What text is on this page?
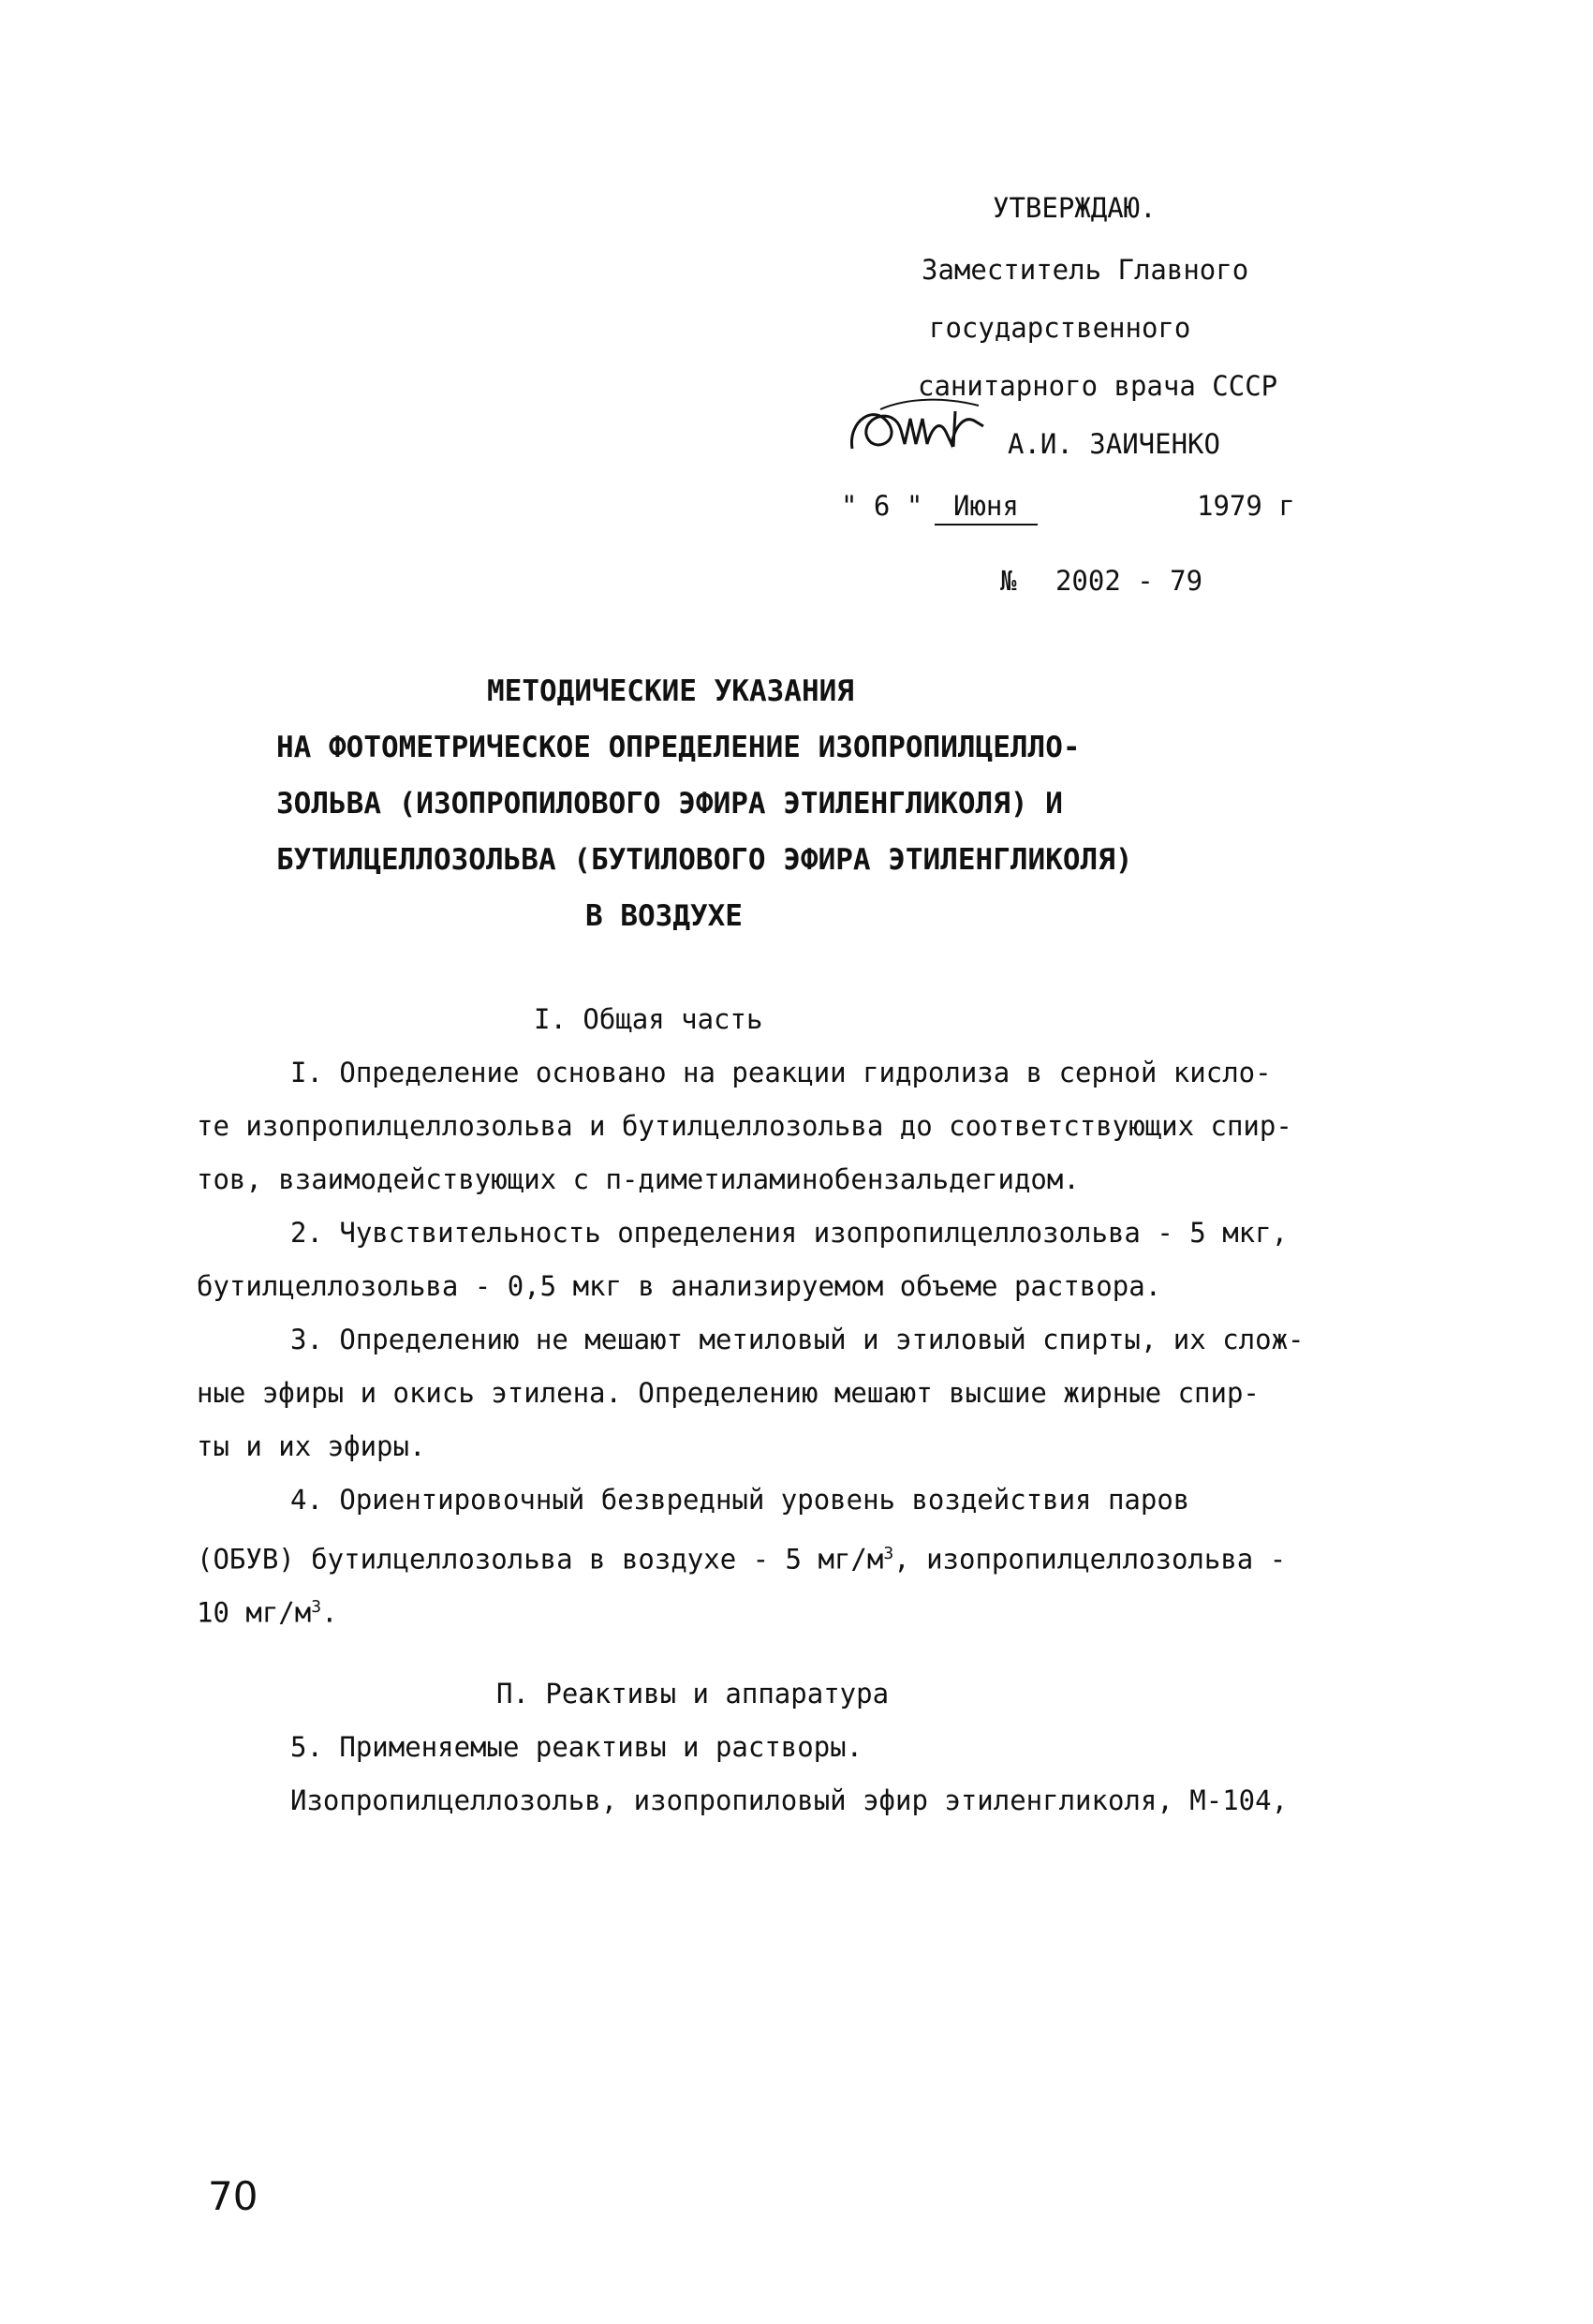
УТВЕРЖДАЮ.
Заместитель Главного
государственного
санитарного врача СССР
А.И. ЗАИЧЕНКО
" 6 "	Июня	1979 г
№ 2002 - 79
МЕТОДИЧЕСКИЕ УКАЗАНИЯ
НА ФОТОМЕТРИЧЕСКОЕ ОПРЕДЕЛЕНИЕ ИЗОПРОПИЛЦЕЛЛО-
ЗОЛЬВА (ИЗОПРОПИЛОВОГО ЭФИРА ЭТИЛЕНГЛИКОЛЯ) И
БУТИЛЦЕЛЛОЗОЛЬВА (БУТИЛОВОГО ЭФИРА ЭТИЛЕНГЛИКОЛЯ)
В ВОЗДУХЕ
I. Общая часть
I. Определение основано на реакции гидролиза в серной кисло-
те изопропилцеллозольва и бутилцеллозольва до соответствующих спир-
тов, взаимодействующих с п-диметиламинобензальдегидом.
2. Чувствительность определения изопропилцеллозольва - 5 мкг,
бутилцеллозольва - 0,5 мкг в анализируемом объеме раствора.
3. Определению не мешают метиловый и этиловый спирты, их слож-
ные эфиры и окись этилена. Определению мешают высшие жирные спир-
ты и их эфиры.
4. Ориентировочный безвредный уровень воздействия паров
(ОБУВ) бутилцеллозольва в воздухе - 5 $мг/м^3$, изопропилцеллозольва -
10 $мг/м^3$.
П. Реактивы и аппаратура
5. Применяемые реактивы и растворы.
Изопропилцеллозольв, изопропиловый эфир этиленгликоля, М-104,
70
